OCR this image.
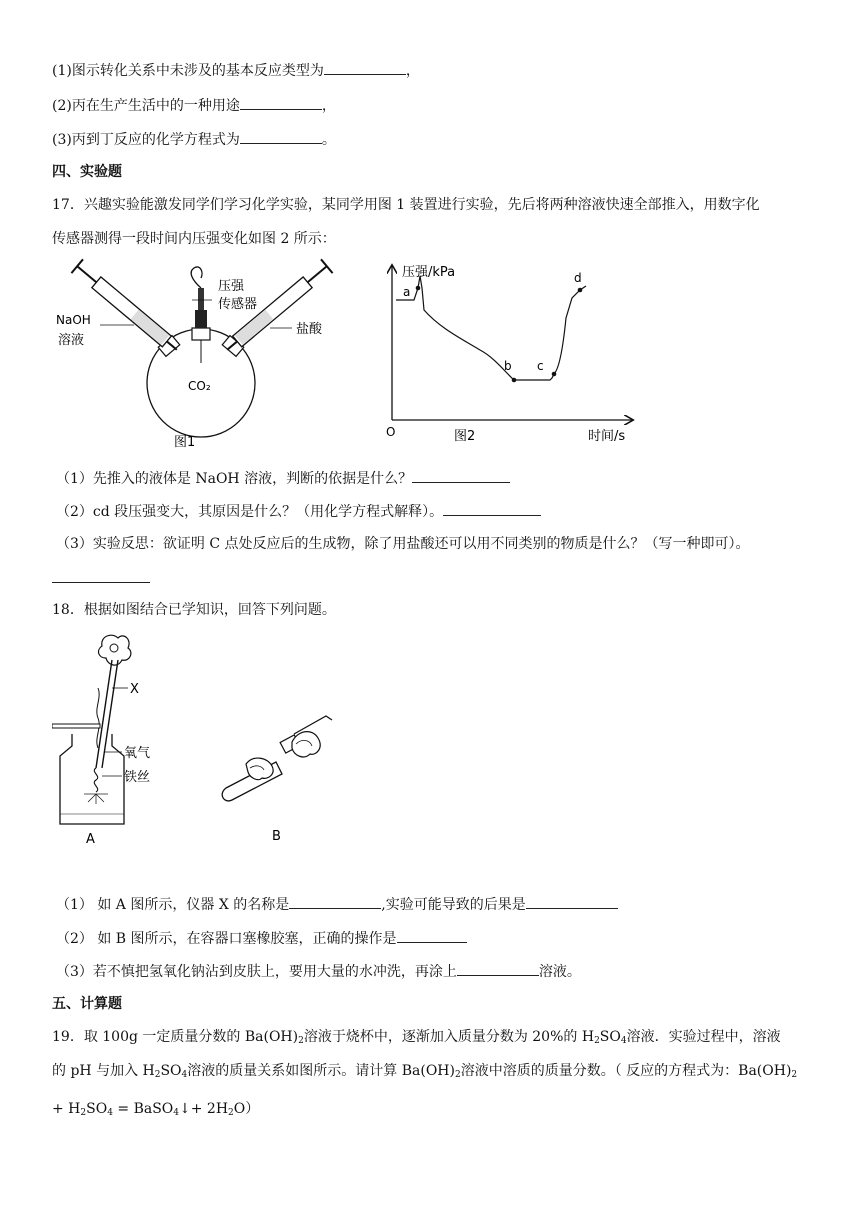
(1)图示转化关系中未涉及的基本反应类型为	，
(2)丙在生产生活中的一种用途	，
(3)丙到丁反应的化学方程式为	。
四、实验题
17．兴趣实验能激发同学们学习化学实验，某同学用图 1 装置进行实验，先后将两种溶液快速全部推入，用数字化
传感器测得一段时间内压强变化如图 2 所示：
NaOH
溶液
压强
传感器
盐酸
CO₂
图1
压强/kPa
时间/s
O
a
b c
d
图2
（1）先推入的液体是 NaOH 溶液，判断的依据是什么？
（2）cd 段压强变大，其原因是什么？（用化学方程式解释）。
（3）实验反思：欲证明 C 点处反应后的生成物，除了用盐酸还可以用不同类别的物质是什么？（写一种即可）。
18．根据如图结合已学知识，回答下列问题。
X
氧气
铁丝
A	B
（1） 如 A 图所示，仪器 X 的名称是	,实验可能导致的后果是
（2） 如 B 图所示，在容器口塞橡胶塞，正确的操作是
（3）若不慎把氢氧化钠沾到皮肤上，要用大量的水冲洗，再涂上	溶液。
五、计算题
19．取 100g 一定质量分数的 $Ba(OH)_2$溶液于烧杯中，逐渐加入质量分数为 20%的 $H_2SO_4$溶液．实验过程中，溶液
的 pH 与加入 $H_2SO_4$溶液的质量关系如图所示。请计算 $Ba(OH)_2$溶液中溶质的质量分数。（ 反应的方程式为：$Ba(OH)_2$
+ $H_2SO_4$ = BaSO$_4$↓+ $2H_2O$）
